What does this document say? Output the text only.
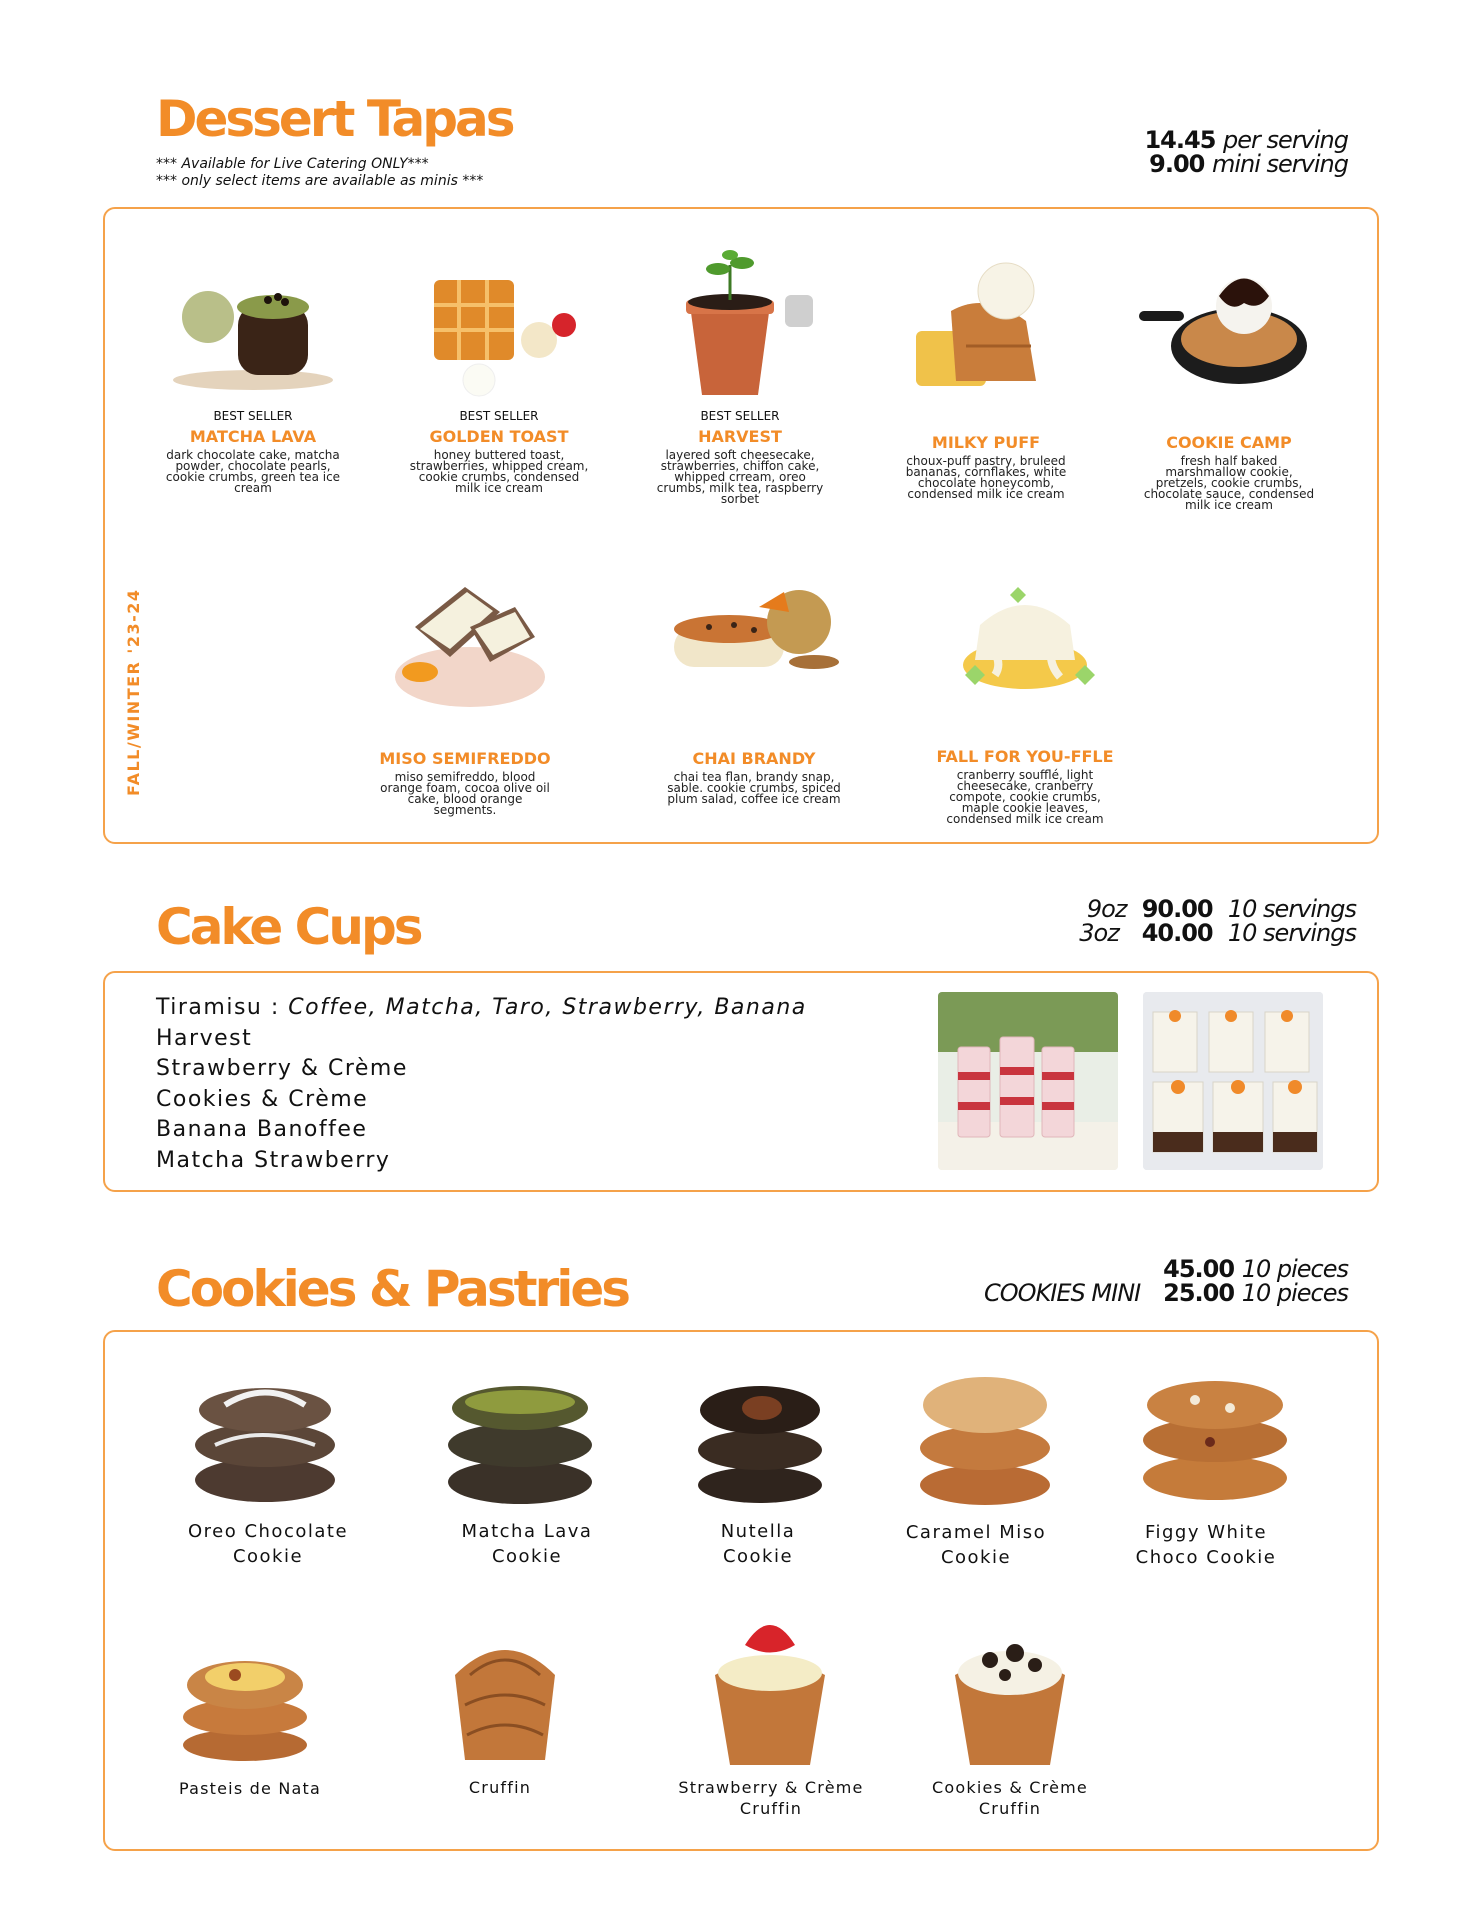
Dessert Tapas
*** Available for Live Catering ONLY***
*** only select items are available as minis ***
14.45 per serving
9.00 mini serving
FALL/WINTER '23-24
BEST SELLER
MATCHA LAVA
dark chocolate cake, matcha powder, chocolate pearls, cookie crumbs, green tea ice cream
BEST SELLER
GOLDEN TOAST
honey buttered toast, strawberries, whipped cream, cookie crumbs, condensed milk ice cream
BEST SELLER
HARVEST
layered soft cheesecake, strawberries, chiffon cake, whipped crream, oreo crumbs, milk tea, raspberry sorbet
MILKY PUFF
choux-puff pastry, bruleed bananas, cornflakes, white chocolate honeycomb, condensed milk ice cream
COOKIE CAMP
fresh half baked marshmallow cookie, pretzels, cookie crumbs, chocolate sauce, condensed milk ice cream
MISO SEMIFREDDO
miso semifreddo, blood orange foam, cocoa olive oil cake, blood orange segments.
CHAI BRANDY
chai tea flan, brandy snap, sable. cookie crumbs, spiced plum salad, coffee ice cream
FALL FOR YOU-FFLE
cranberry soufflé, light cheesecake, cranberry compote, cookie crumbs, maple cookie leaves, condensed milk ice cream
Cake Cups	9oz 90.00 10 servings
3oz 40.00 10 servings
Tiramisu : Coffee, Matcha, Taro, Strawberry, Banana
Harvest
Strawberry & Crème
Cookies & Crème
Banana Banoffee
Matcha Strawberry
Cookies & Pastries	45.00 10 pieces
COOKIES MINI 25.00 10 pieces
Oreo Chocolate
Cookie
Matcha Lava
Cookie
Nutella
Cookie
Caramel Miso
Cookie
Figgy White
Choco Cookie
Pasteis de Nata	Cruffin	Strawberry & Crème
Cruffin
Cookies & Crème
Cruffin
